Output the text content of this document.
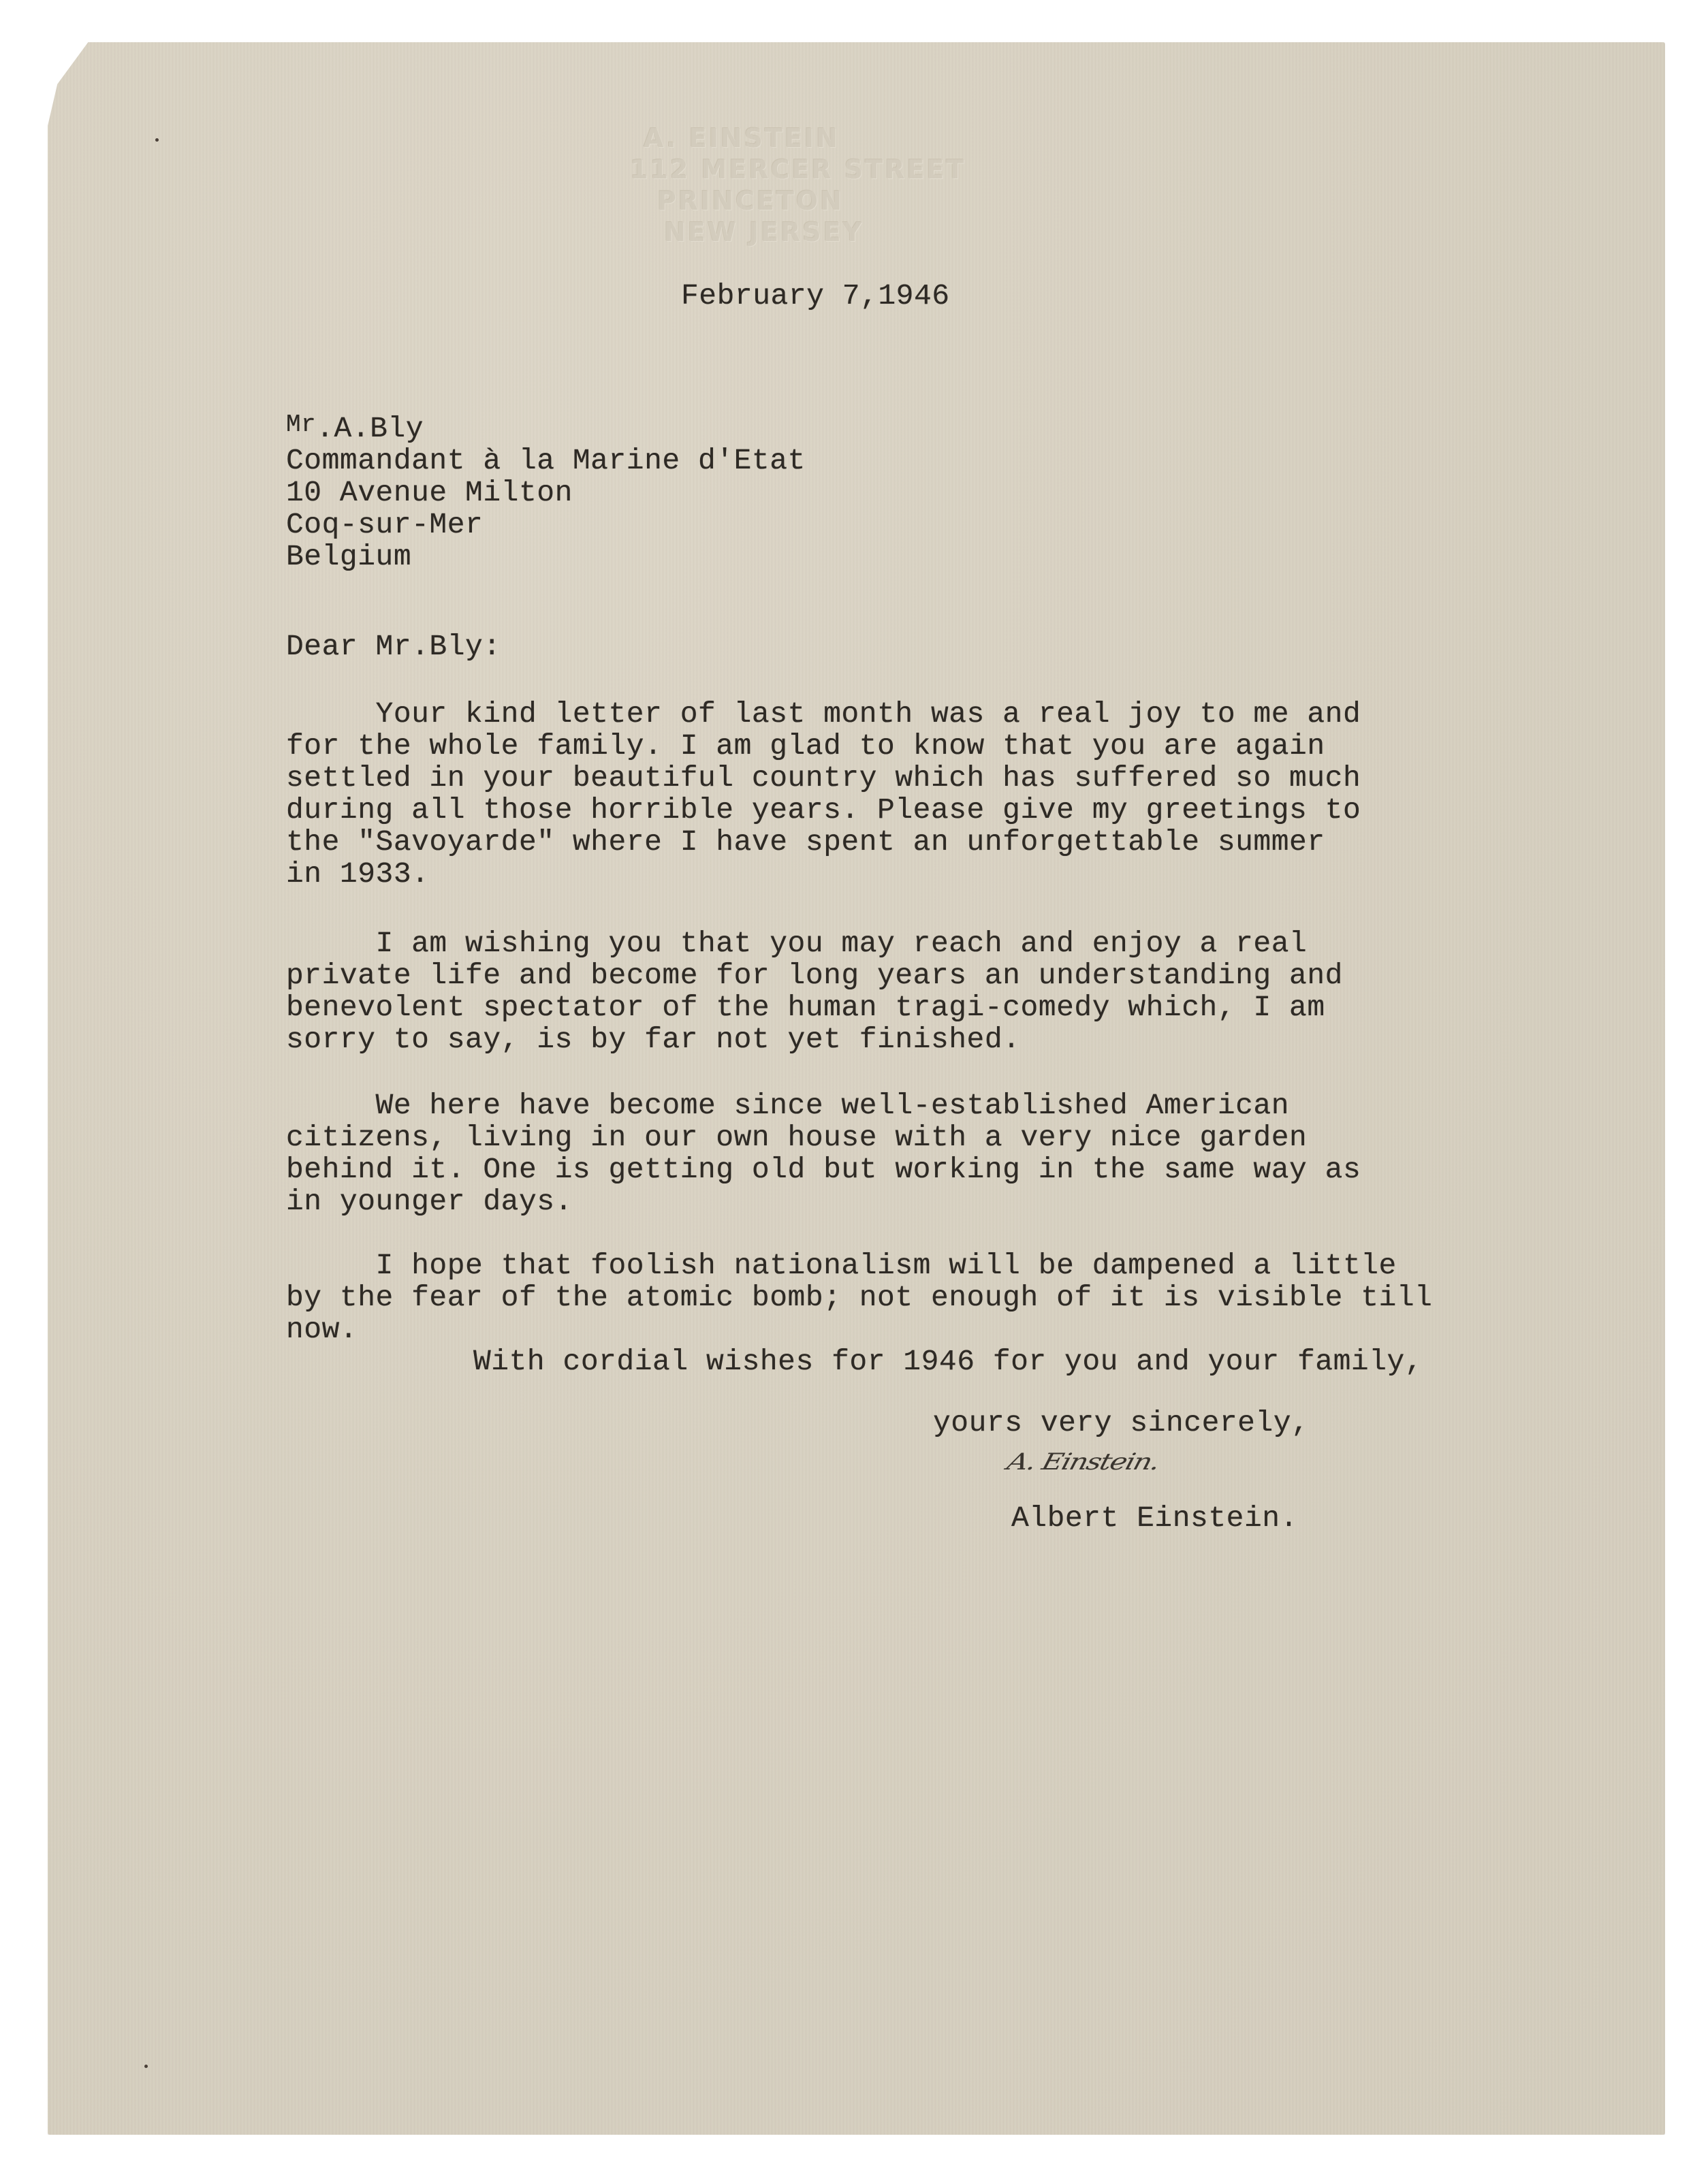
A. EINSTEIN
112 MERCER STREET
PRINCETON
NEW JERSEY
February 7,1946
$^{Mr}$.A.Bly
Commandant à la Marine d'Etat
10 Avenue Milton
Coq-sur-Mer
Belgium
Dear Mr.Bly:
Your kind letter of last month was a real joy to me and
for the whole family. I am glad to know that you are again
settled in your beautiful country which has suffered so much
during all those horrible years. Please give my greetings to
the "Savoyarde" where I have spent an unforgettable summer
in 1933.
I am wishing you that you may reach and enjoy a real
private life and become for long years an understanding and
benevolent spectator of the human tragi-comedy which, I am
sorry to say, is by far not yet finished.
We here have become since well-established American
citizens, living in our own house with a very nice garden
behind it. One is getting old but working in the same way as
in younger days.
I hope that foolish nationalism will be dampened a little
by the fear of the atomic bomb; not enough of it is visible till
now.
With cordial wishes for 1946 for you and your family,
yours very sincerely,
A. Einstein.
Albert Einstein.
